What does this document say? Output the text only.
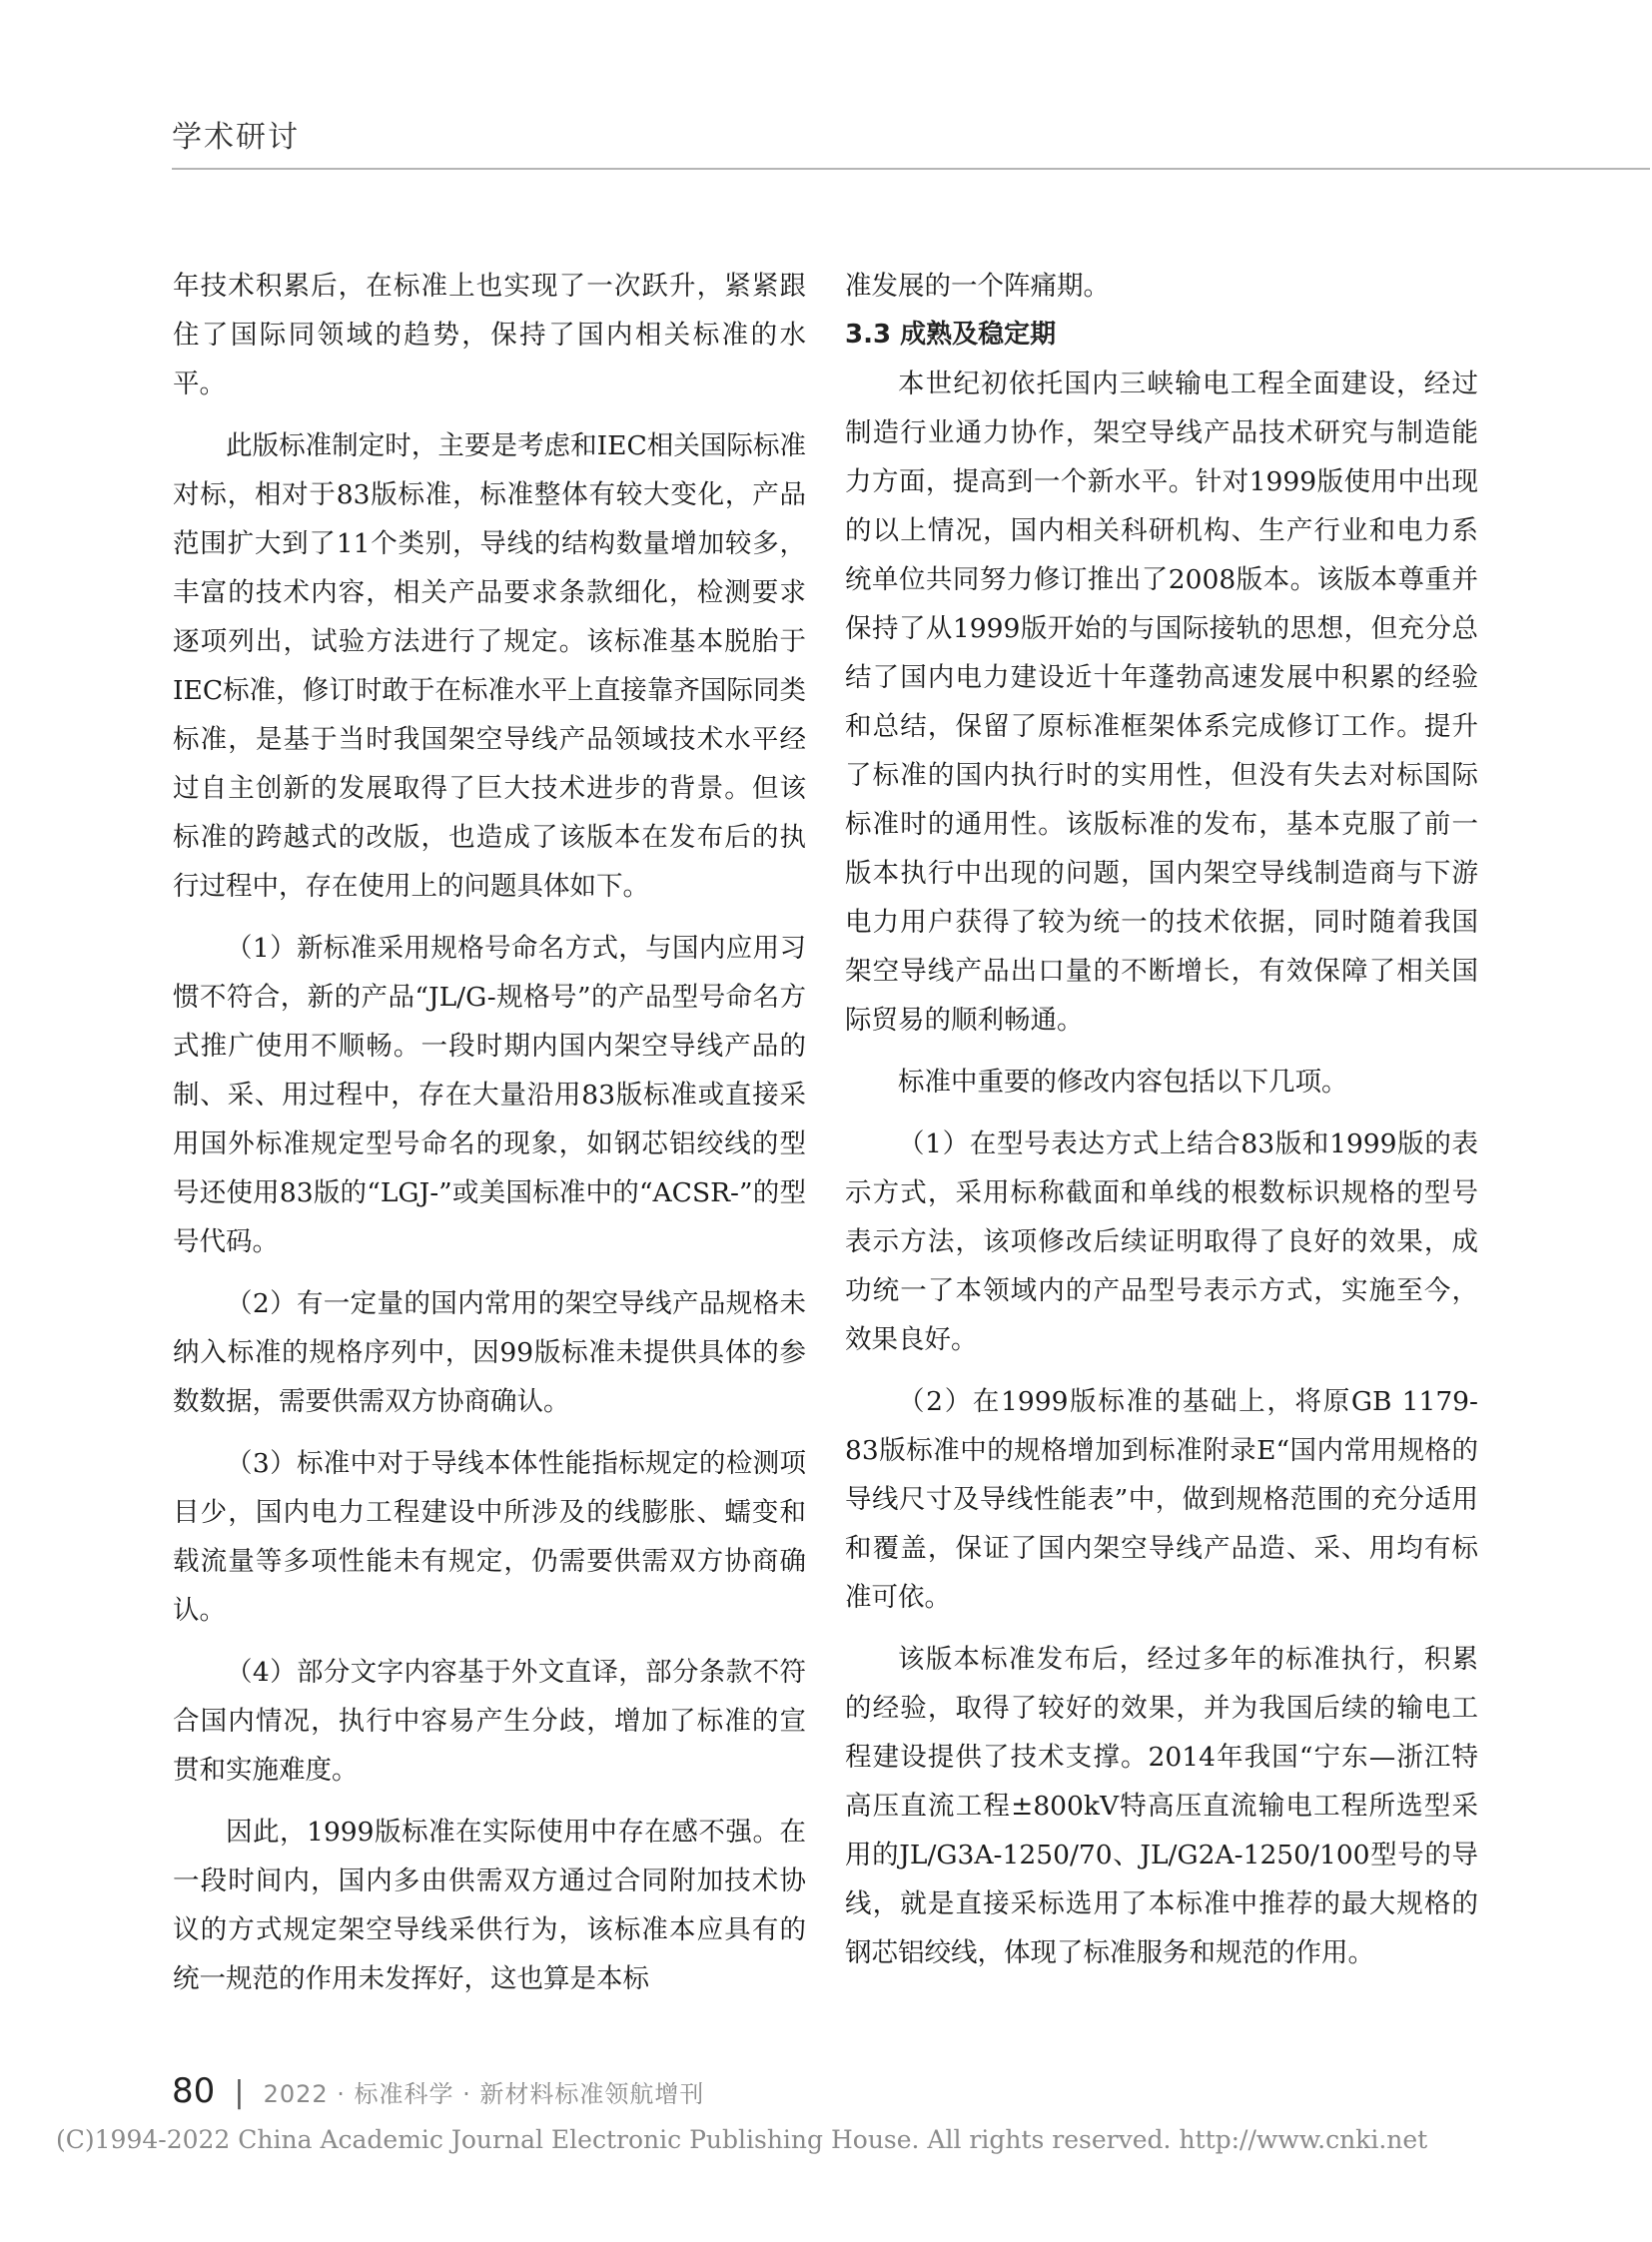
学术研讨

年技术积累后，在标准上也实现了一次跃升，紧紧跟住了国际同领域的趋势，保持了国内相关标准的水平。

此版标准制定时，主要是考虑和IEC相关国际标准对标，相对于83版标准，标准整体有较大变化，产品范围扩大到了11个类别，导线的结构数量增加较多，丰富的技术内容，相关产品要求条款细化，检测要求逐项列出，试验方法进行了规定。该标准基本脱胎于IEC标准，修订时敢于在标准水平上直接靠齐国际同类标准，是基于当时我国架空导线产品领域技术水平经过自主创新的发展取得了巨大技术进步的背景。但该标准的跨越式的改版，也造成了该版本在发布后的执行过程中，存在使用上的问题具体如下。

（1）新标准采用规格号命名方式，与国内应用习惯不符合，新的产品“JL/G-规格号”的产品型号命名方式推广使用不顺畅。一段时期内国内架空导线产品的制、采、用过程中，存在大量沿用83版标准或直接采用国外标准规定型号命名的现象，如钢芯铝绞线的型号还使用83版的“LGJ-”或美国标准中的“ACSR-”的型号代码。

（2）有一定量的国内常用的架空导线产品规格未纳入标准的规格序列中，因99版标准未提供具体的参数数据，需要供需双方协商确认。

（3）标准中对于导线本体性能指标规定的检测项目少，国内电力工程建设中所涉及的线膨胀、蠕变和载流量等多项性能未有规定，仍需要供需双方协商确认。

（4）部分文字内容基于外文直译，部分条款不符合国内情况，执行中容易产生分歧，增加了标准的宣贯和实施难度。

因此，1999版标准在实际使用中存在感不强。在一段时间内，国内多由供需双方通过合同附加技术协议的方式规定架空导线采供行为，该标准本应具有的统一规范的作用未发挥好，这也算是本标

准发展的一个阵痛期。

3.3 成熟及稳定期

本世纪初依托国内三峡输电工程全面建设，经过制造行业通力协作，架空导线产品技术研究与制造能力方面，提高到一个新水平。针对1999版使用中出现的以上情况，国内相关科研机构、生产行业和电力系统单位共同努力修订推出了2008版本。该版本尊重并保持了从1999版开始的与国际接轨的思想，但充分总结了国内电力建设近十年蓬勃高速发展中积累的经验和总结，保留了原标准框架体系完成修订工作。提升了标准的国内执行时的实用性，但没有失去对标国际标准时的通用性。该版标准的发布，基本克服了前一版本执行中出现的问题，国内架空导线制造商与下游电力用户获得了较为统一的技术依据，同时随着我国架空导线产品出口量的不断增长，有效保障了相关国际贸易的顺利畅通。

标准中重要的修改内容包括以下几项。

（1）在型号表达方式上结合83版和1999版的表示方式，采用标称截面和单线的根数标识规格的型号表示方法，该项修改后续证明取得了良好的效果，成功统一了本领域内的产品型号表示方式，实施至今，效果良好。

（2）在1999版标准的基础上，将原GB 1179-83版标准中的规格增加到标准附录E“国内常用规格的导线尺寸及导线性能表”中，做到规格范围的充分适用和覆盖，保证了国内架空导线产品造、采、用均有标准可依。

该版本标准发布后，经过多年的标准执行，积累的经验，取得了较好的效果，并为我国后续的输电工程建设提供了技术支撑。2014年我国“宁东—浙江特高压直流工程±800kV特高压直流输电工程所选型采用的JL/G3A-1250/70、JL/G2A-1250/100型号的导线，就是直接采标选用了本标准中推荐的最大规格的钢芯铝绞线，体现了标准服务和规范的作用。

80 | 2022 · 标准科学 · 新材料标准领航增刊
(C)1994-2022 China Academic Journal Electronic Publishing House. All rights reserved. http://www.cnki.net
